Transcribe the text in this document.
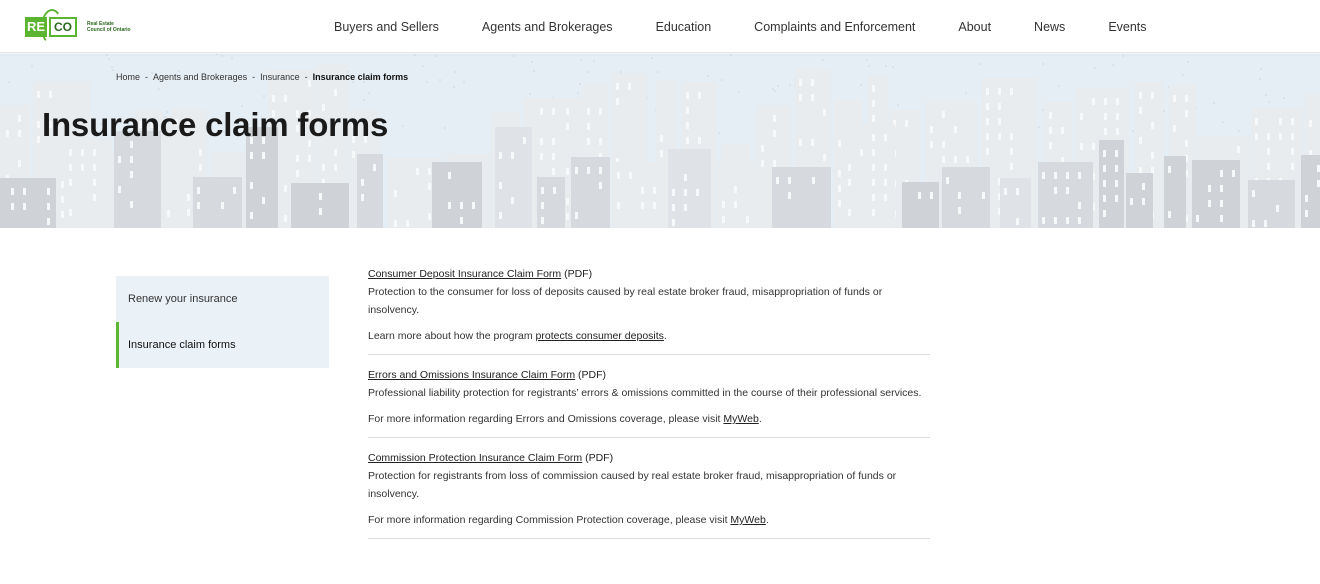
RE CO	Real Estate
Council of Ontario	Buyers and Sellers	Agents and Brokerages	Education	Complaints and Enforcement	About	News	Events
Home - Agents and Brokerages - Insurance - Insurance claim forms
Insurance claim forms
Renew your insurance
Insurance claim forms
Consumer Deposit Insurance Claim Form (PDF)
Protection to the consumer for loss of deposits caused by real estate broker fraud, misappropriation of funds or insolvency.
Learn more about how the program protects consumer deposits.
Errors and Omissions Insurance Claim Form (PDF)
Professional liability protection for registrants’ errors & omissions committed in the course of their professional services.
For more information regarding Errors and Omissions coverage, please visit MyWeb.
Commission Protection Insurance Claim Form (PDF)
Protection for registrants from loss of commission caused by real estate broker fraud, misappropriation of funds or insolvency.
For more information regarding Commission Protection coverage, please visit MyWeb.
